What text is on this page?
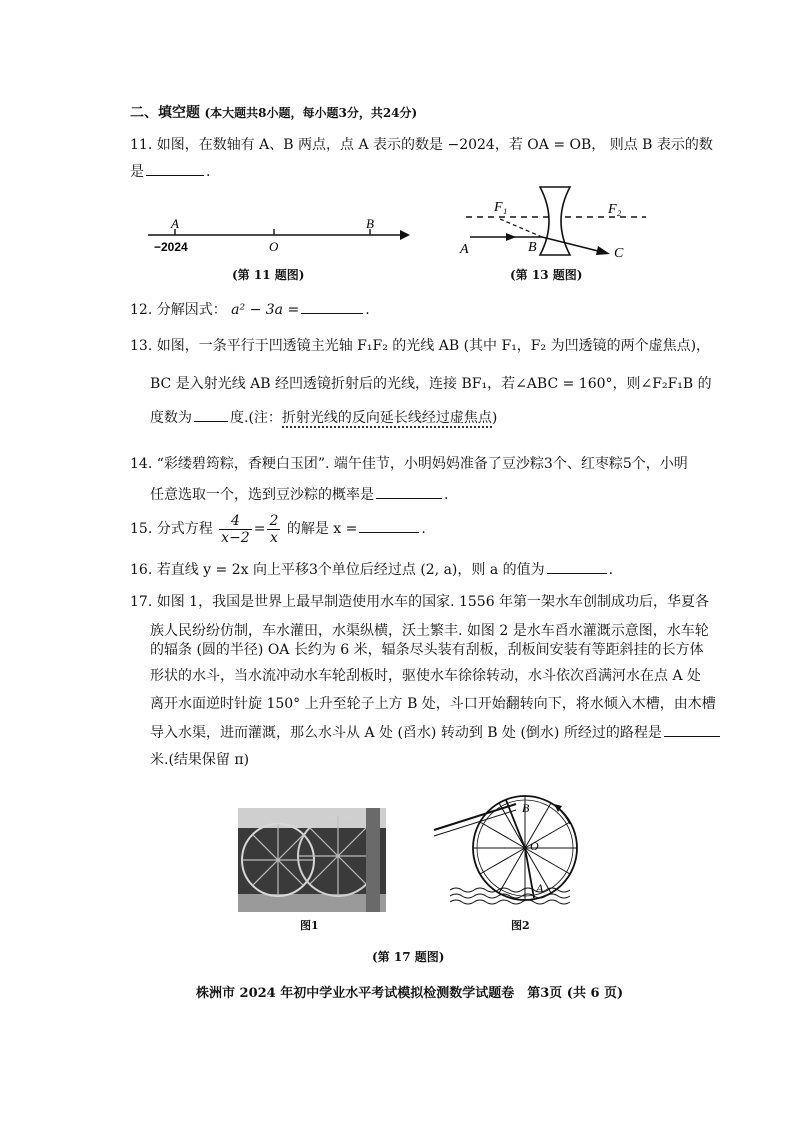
二、填空题 (本大题共8小题，每小题3分，共24分)
11. 如图，在数轴有 A、B 两点，点 A 表示的数是 −2024，若 OA = OB， 则点 B 表示的数
是	.
A	B
−2024	O
(第 11 题图)
F₁	F₂
A	B	C
(第 13 题图)
12. 分解因式： a² − 3a =	.
13. 如图，一条平行于凹透镜主光轴 F₁F₂ 的光线 AB (其中 F₁，F₂ 为凹透镜的两个虚焦点)，
BC 是入射光线 AB 经凹透镜折射后的光线，连接 BF₁，若∠ABC = 160°，则∠F₂F₁B 的
度数为	度.(注：折射光线的反向延长线经过虚焦点)
14. “彩缕碧筠粽，香粳白玉团”. 端午佳节，小明妈妈准备了豆沙粽3个、红枣粽5个，小明
任意选取一个，选到豆沙粽的概率是	.
15. 分式方程 $\frac{4}{x-2} = \frac{2}{x}$ 的解是 x =	.
16. 若直线 y = 2x 向上平移3个单位后经过点 (2, a)，则 a 的值为	.
17. 如图 1，我国是世界上最早制造使用水车的国家. 1556 年第一架水车创制成功后，华夏各
族人民纷纷仿制，车水灌田，水渠纵横，沃土繁丰. 如图 2 是水车舀水灌溉示意图，水车轮
的辐条 (圆的半径) OA 长约为 6 米，辐条尽头装有刮板，刮板间安装有等距斜挂的长方体
形状的水斗，当水流冲动水车轮刮板时，驱使水车徐徐转动，水斗依次舀满河水在点 A 处
离开水面逆时针旋 150° 上升至轮子上方 B 处，斗口开始翻转向下，将水倾入木槽，由木槽
导入水渠，进而灌溉，那么水斗从 A 处 (舀水) 转动到 B 处 (倒水) 所经过的路程是
米.(结果保留 π)
图1
B
O
A
图2
(第 17 题图)
株洲市 2024 年初中学业水平考试模拟检测数学试题卷　第3页 (共 6 页)
